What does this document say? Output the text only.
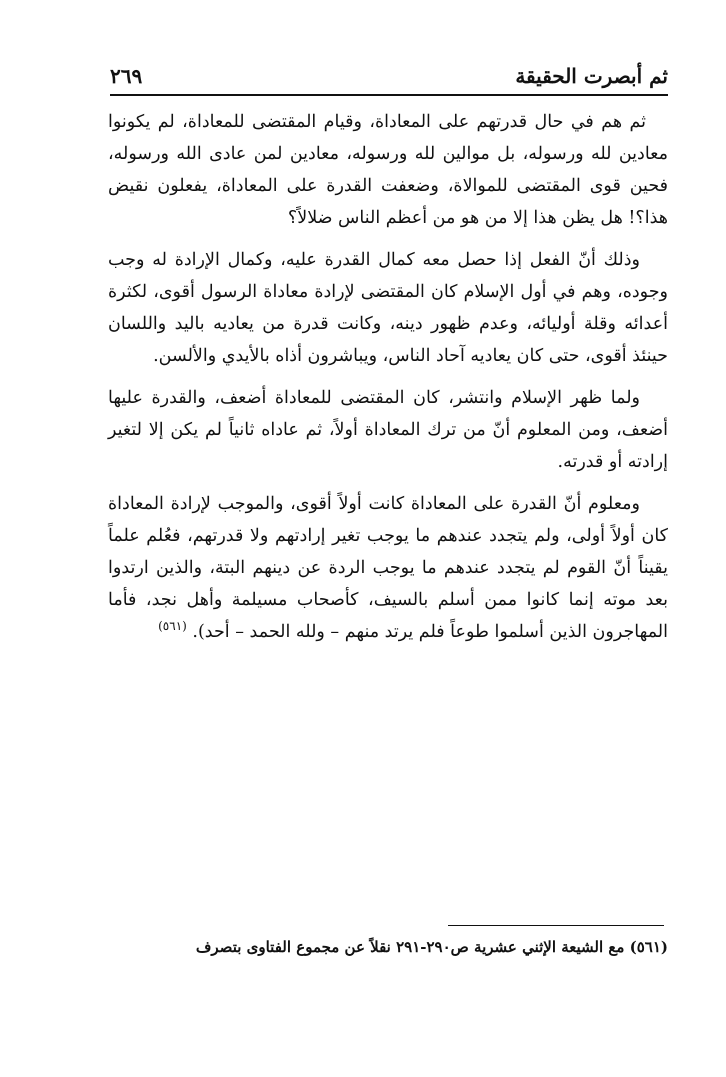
ثم أبصرت الحقيقة
٢٦٩

ثم هم في حال قدرتهم على المعاداة، وقيام المقتضى للمعاداة، لم يكونوا معادين لله ورسوله، بل موالين لله ورسوله، معادين لمن عادى الله ورسوله، فحين قوى المقتضى للموالاة، وضعفت القدرة على المعاداة، يفعلون نقيض هذا؟! هل يظن هذا إلا من هو من أعظم الناس ضلالاً؟

وذلك أنّ الفعل إذا حصل معه كمال القدرة عليه، وكمال الإرادة له وجب وجوده، وهم في أول الإسلام كان المقتضى لإرادة معاداة الرسول أقوى، لكثرة أعدائه وقلة أوليائه، وعدم ظهور دينه، وكانت قدرة من يعاديه باليد واللسان حينئذ أقوى، حتى كان يعاديه آحاد الناس، ويباشرون أذاه بالأيدي والألسن.

ولما ظهر الإسلام وانتشر، كان المقتضى للمعاداة أضعف، والقدرة عليها أضعف، ومن المعلوم أنّ من ترك المعاداة أولاً، ثم عاداه ثانياً لم يكن إلا لتغير إرادته أو قدرته.

ومعلوم أنّ القدرة على المعاداة كانت أولاً أقوى، والموجب لإرادة المعاداة كان أولاً أولى، ولم يتجدد عندهم ما يوجب تغير إرادتهم ولا قدرتهم، فعُلم علماً يقيناً أنّ القوم لم يتجدد عندهم ما يوجب الردة عن دينهم البتة، والذين ارتدوا بعد موته إنما كانوا ممن أسلم بالسيف، كأصحاب مسيلمة وأهل نجد، فأما المهاجرون الذين أسلموا طوعاً فلم يرتد منهم – ولله الحمد – أحد). $^{(٥٦١)}$

(٥٦١) مع الشيعة الإثني عشرية ص٢٩٠-٢٩١ نقلاً عن مجموع الفتاوى بتصرف
